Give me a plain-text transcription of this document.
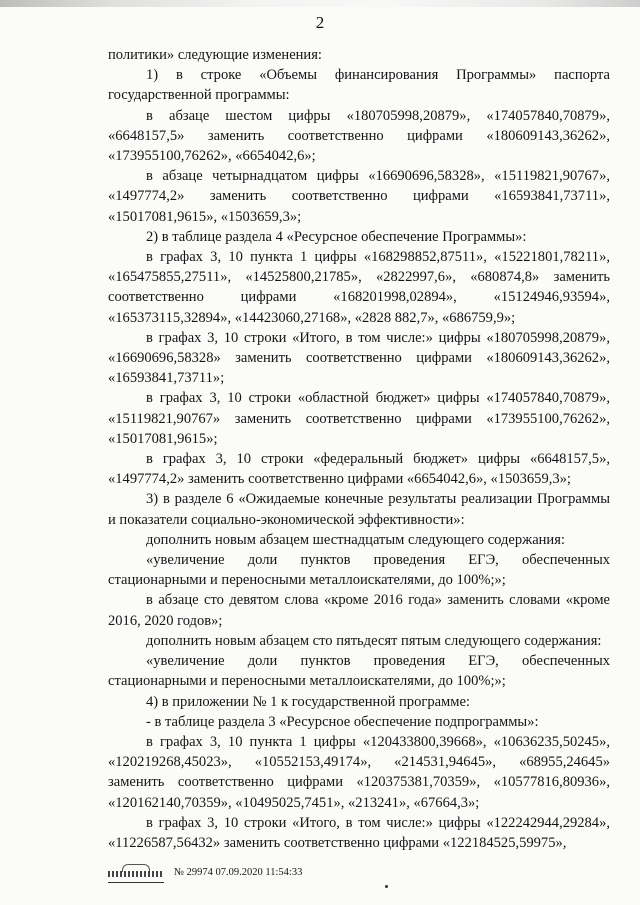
2

политики» следующие изменения:

1) в строке «Объемы финансирования Программы» паспорта государственной программы:

в абзаце шестом цифры «180705998,20879», «174057840,70879», «6648157,5» заменить соответственно цифрами «180609143,36262», «173955100,76262», «6654042,6»;

в абзаце четырнадцатом цифры «16690696,58328», «15119821,90767», «1497774,2» заменить соответственно цифрами «16593841,73711», «15017081,9615», «1503659,3»;

2) в таблице раздела 4 «Ресурсное обеспечение Программы»:

в графах 3, 10 пункта 1 цифры «168298852,87511», «15221801,78211», «165475855,27511», «14525800,21785», «2822997,6», «680874,8» заменить соответственно цифрами «168201998,02894», «15124946,93594», «165373115,32894», «14423060,27168», «2828 882,7», «686759,9»;

в графах 3, 10 строки «Итого, в том числе:» цифры «180705998,20879», «16690696,58328» заменить соответственно цифрами «180609143,36262», «16593841,73711»;

в графах 3, 10 строки «областной бюджет» цифры «174057840,70879», «15119821,90767» заменить соответственно цифрами «173955100,76262», «15017081,9615»;

в графах 3, 10 строки «федеральный бюджет» цифры «6648157,5», «1497774,2» заменить соответственно цифрами «6654042,6», «1503659,3»;

3) в разделе 6 «Ожидаемые конечные результаты реализации Программы и показатели социально-экономической эффективности»:

дополнить новым абзацем шестнадцатым следующего содержания:

«увеличение доли пунктов проведения ЕГЭ, обеспеченных стационарными и переносными металлоискателями, до 100%;»;

в абзаце сто девятом слова «кроме 2016 года» заменить словами «кроме 2016, 2020 годов»;

дополнить новым абзацем сто пятьдесят пятым следующего содержания:

«увеличение доли пунктов проведения ЕГЭ, обеспеченных стационарными и переносными металлоискателями, до 100%;»;

4) в приложении № 1 к государственной программе:

- в таблице раздела 3 «Ресурсное обеспечение подпрограммы»:

в графах 3, 10 пункта 1 цифры «120433800,39668», «10636235,50245», «120219268,45023», «10552153,49174», «214531,94645», «68955,24645» заменить соответственно цифрами «120375381,70359», «10577816,80936», «120162140,70359», «10495025,7451», «213241», «67664,3»;

в графах 3, 10 строки «Итого, в том числе:» цифры «122242944,29284», «11226587,56432» заменить соответственно цифрами «122184525,59975»,

№ 29974 07.09.2020 11:54:33
